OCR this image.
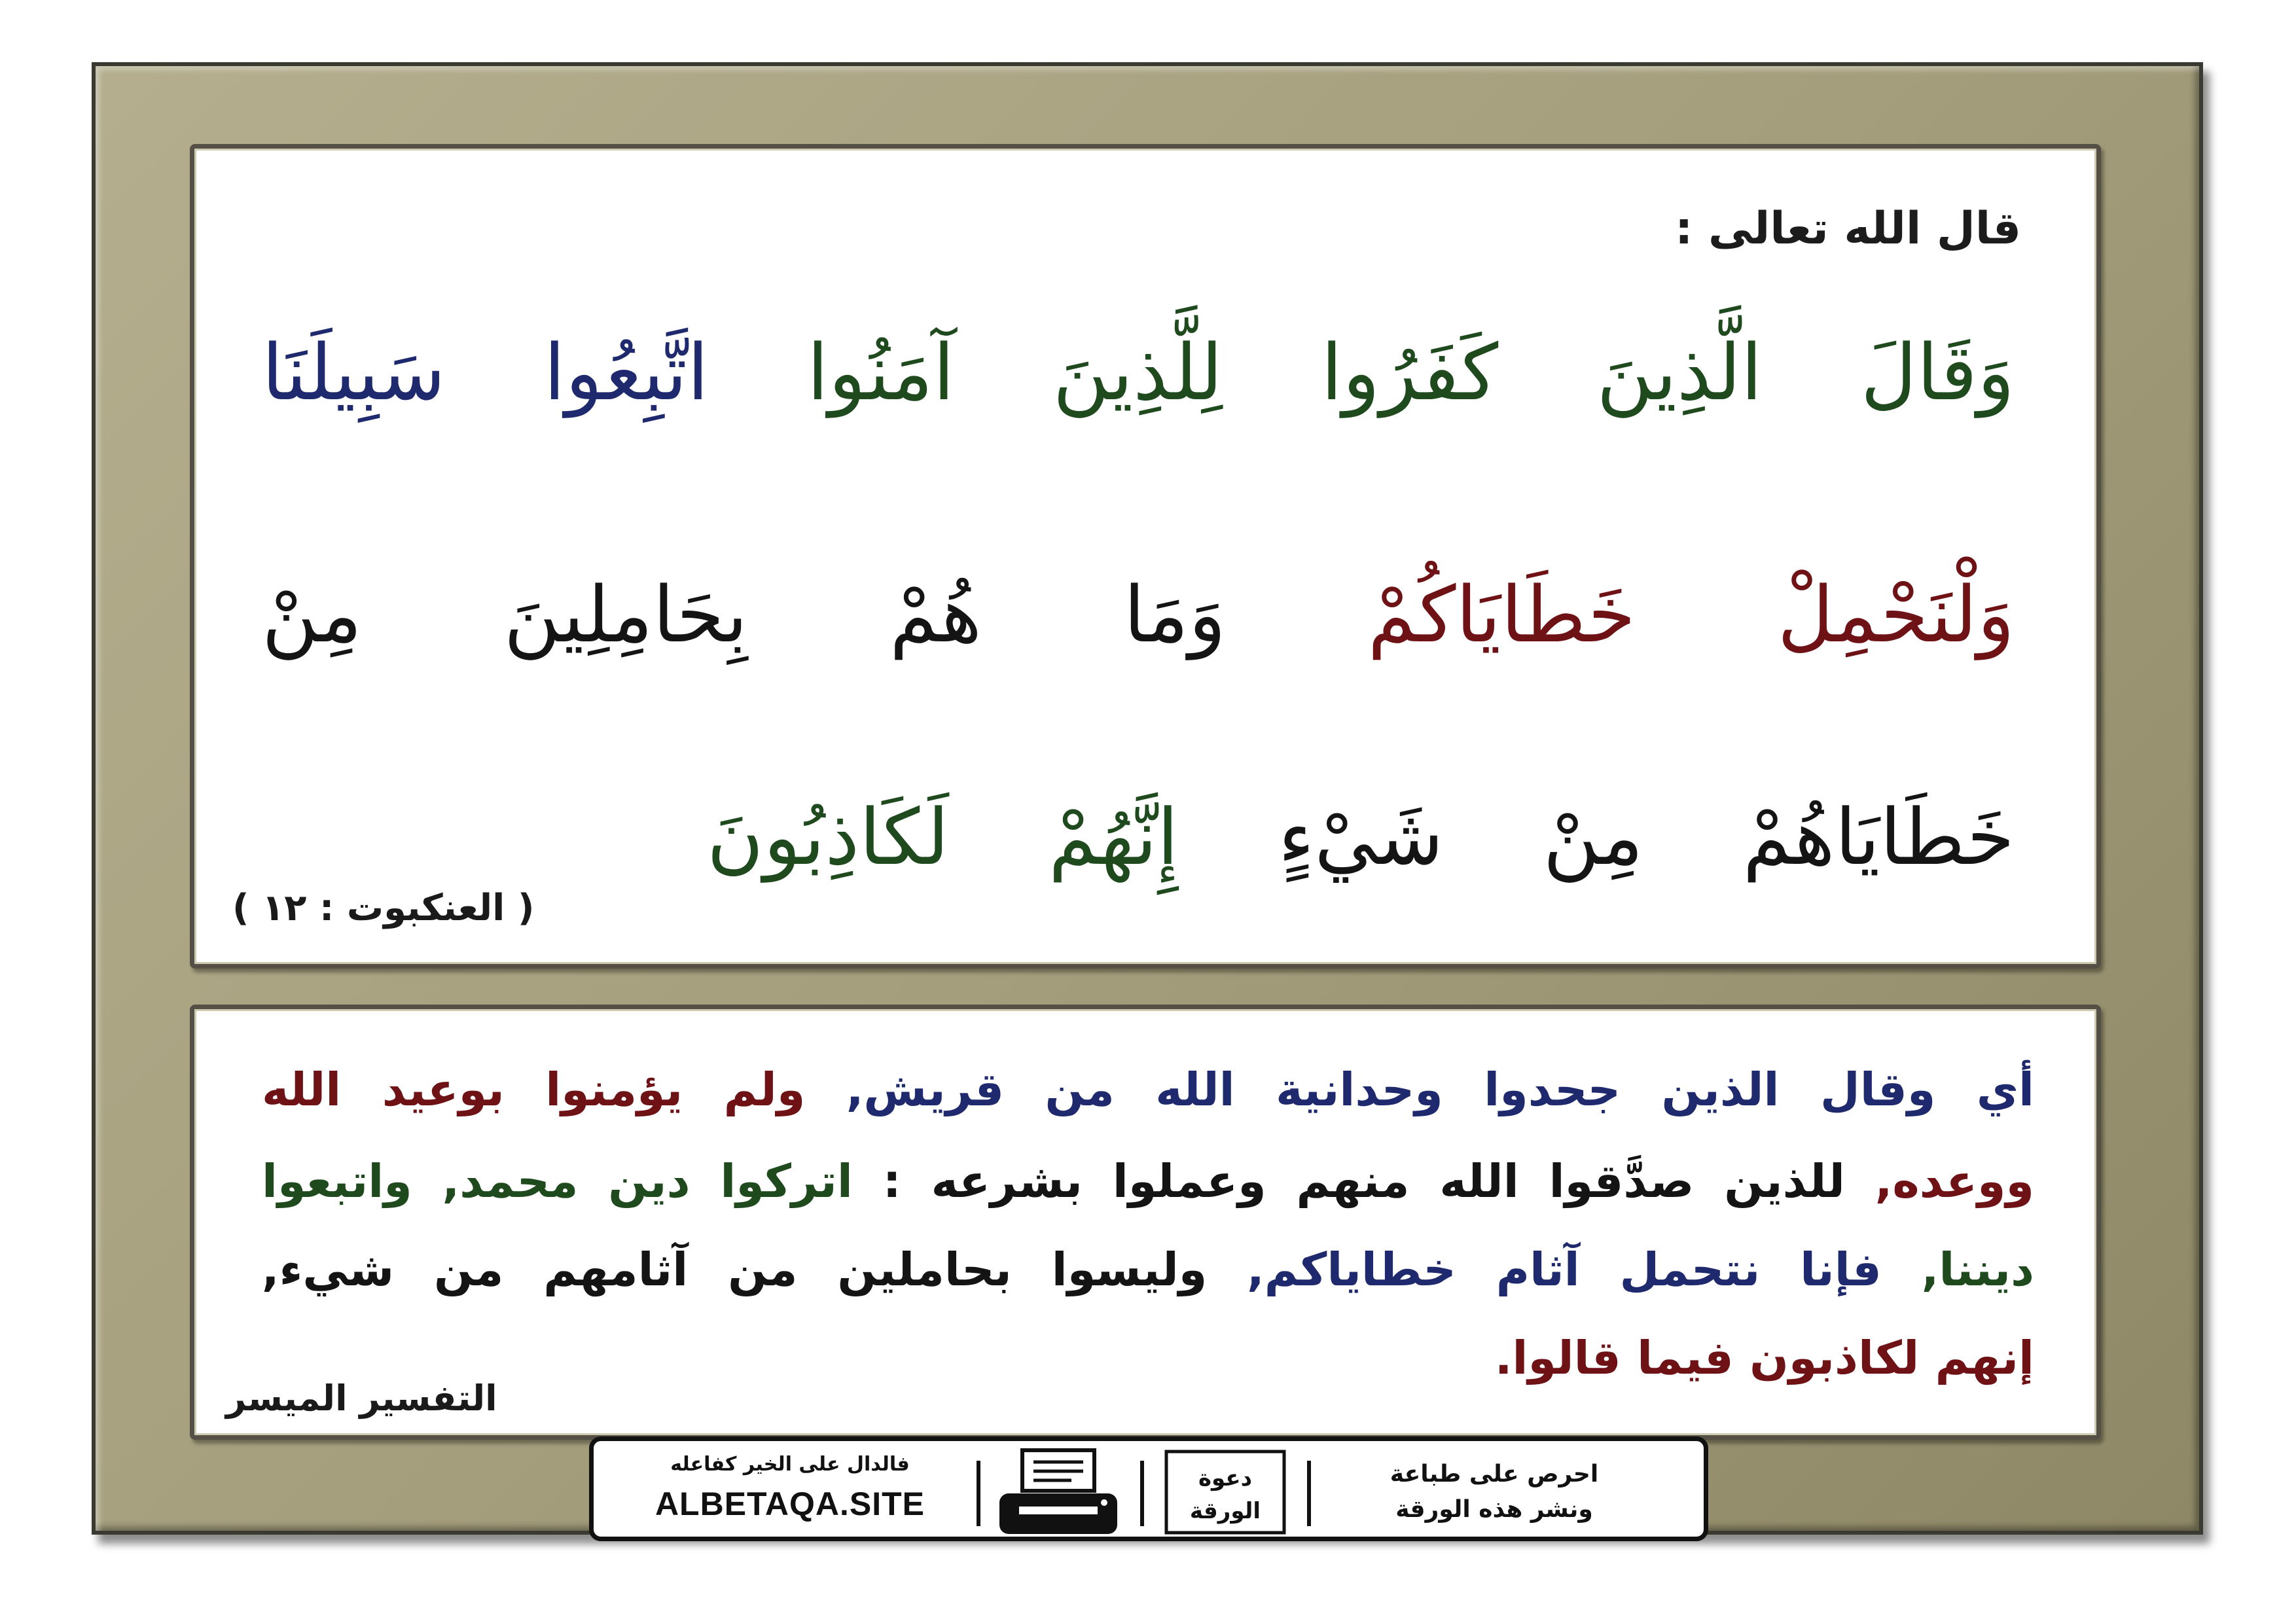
قال الله تعالى :
وَقَالَ الَّذِينَ كَفَرُوا لِلَّذِينَ آمَنُوا اتَّبِعُوا سَبِيلَنَا
وَلْنَحْمِلْ خَطَايَاكُمْ وَمَا هُمْ بِحَامِلِينَ مِنْ
خَطَايَاهُمْ مِنْ شَيْءٍ إِنَّهُمْ لَكَاذِبُونَ
( العنكبوت : ١٢ )
أي وقال الذين جحدوا وحدانية الله من قريش, ولم يؤمنوا بوعيد الله
ووعده, للذين صدَّقوا الله منهم وعملوا بشرعه : اتركوا دين محمد, واتبعوا
ديننا, فإنا نتحمل آثام خطاياكم, وليسوا بحاملين من آثامهم من شيء,
إنهم لكاذبون فيما قالوا.
التفسير الميسر
فالدال على الخير كفاعله
ALBETAQA.SITE
دعوة
الورقة
احرص على طباعة
ونشر هذه الورقة
